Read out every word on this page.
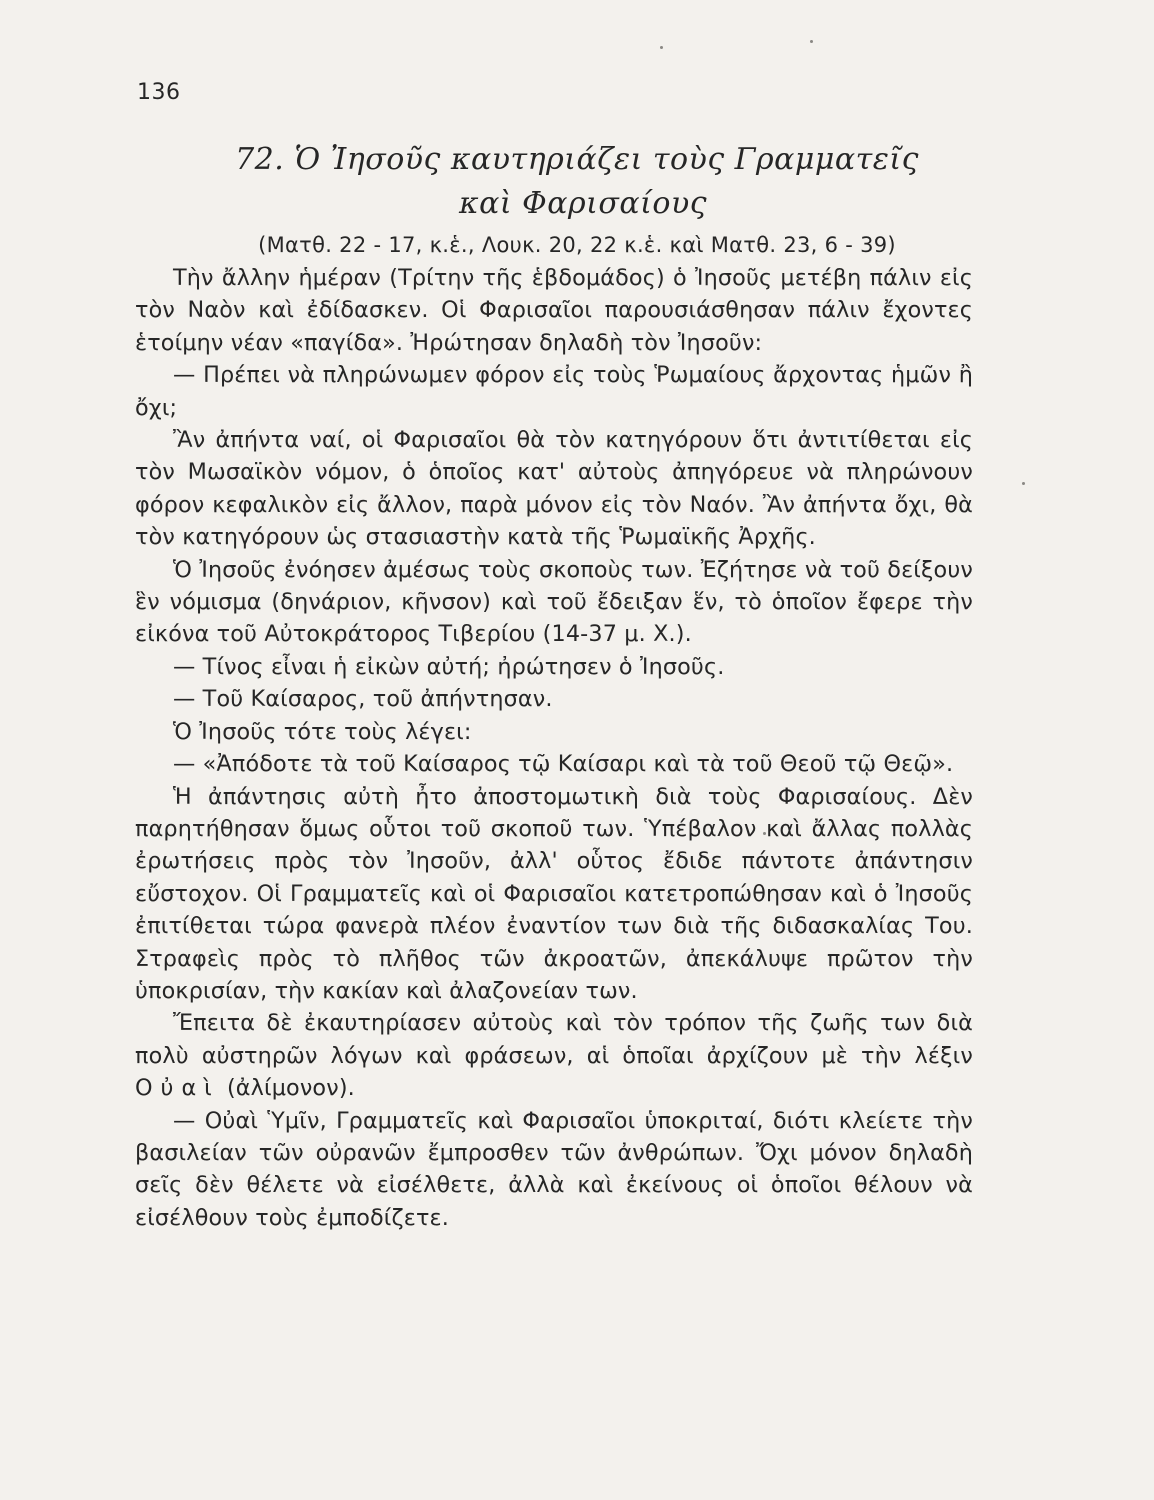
136
72. Ὁ Ἰησοῦς καυτηριάζει τοὺς Γραμματεῖς
καὶ Φαρισαίους
(Ματθ. 22 - 17, κ.ἑ., Λουκ. 20, 22 κ.ἑ. καὶ Ματθ. 23, 6 - 39)

Τὴν ἄλλην ἡμέραν (Τρίτην τῆς ἑβδομάδος) ὁ Ἰησοῦς μετέβη πάλιν εἰς τὸν Ναὸν καὶ ἐδίδασκεν. Οἱ Φαρισαῖοι παρουσιάσθησαν πάλιν ἔχοντες ἑτοίμην νέαν «παγίδα». Ἠρώτησαν δηλαδὴ τὸν Ἰησοῦν:

— Πρέπει νὰ πληρώνωμεν φόρον εἰς τοὺς Ῥωμαίους ἄρχοντας ἡμῶν ἢ ὄχι;

Ἂν ἀπήντα ναί, οἱ Φαρισαῖοι θὰ τὸν κατηγόρουν ὅτι ἀντιτίθεται εἰς τὸν Μωσαϊκὸν νόμον, ὁ ὁποῖος κατ' αὐτοὺς ἀπηγόρευε νὰ πληρώνουν φόρον κεφαλικὸν εἰς ἄλλον, παρὰ μόνον εἰς τὸν Ναόν. Ἂν ἀπήντα ὄχι, θὰ τὸν κατηγόρουν ὡς στασιαστὴν κατὰ τῆς Ῥωμαϊκῆς Ἀρχῆς.

Ὁ Ἰησοῦς ἐνόησεν ἀμέσως τοὺς σκοποὺς των. Ἐζήτησε νὰ τοῦ δείξουν ἓν νόμισμα (δηνάριον, κῆνσον) καὶ τοῦ ἔδειξαν ἕν, τὸ ὁποῖον ἔφερε τὴν εἰκόνα τοῦ Αὐτοκράτορος Τιβερίου (14-37 μ. Χ.).

— Τίνος εἶναι ἡ εἰκὼν αὐτή; ἠρώτησεν ὁ Ἰησοῦς.

— Τοῦ Καίσαρος, τοῦ ἀπήντησαν.

Ὁ Ἰησοῦς τότε τοὺς λέγει:

— «Ἀπόδοτε τὰ τοῦ Καίσαρος τῷ Καίσαρι καὶ τὰ τοῦ Θεοῦ τῷ Θεῷ».

Ἡ ἀπάντησις αὐτὴ ἦτο ἀποστομωτικὴ διὰ τοὺς Φαρισαίους. Δὲν παρητήθησαν ὅμως οὗτοι τοῦ σκοποῦ των. Ὑπέβαλον καὶ ἄλλας πολλὰς ἐρωτήσεις πρὸς τὸν Ἰησοῦν, ἀλλ' οὗτος ἔδιδε πάντοτε ἀπάντησιν εὔστοχον. Οἱ Γραμματεῖς καὶ οἱ Φαρισαῖοι κατετροπώθησαν καὶ ὁ Ἰησοῦς ἐπιτίθεται τώρα φανερὰ πλέον ἐναντίον των διὰ τῆς διδασκαλίας Του. Στραφεὶς πρὸς τὸ πλῆθος τῶν ἀκροατῶν, ἀπεκάλυψε πρῶτον τὴν ὑποκρισίαν, τὴν κακίαν καὶ ἀλαζονείαν των.

Ἔπειτα δὲ ἐκαυτηρίασεν αὐτοὺς καὶ τὸν τρόπον τῆς ζωῆς των διὰ πολὺ αὐστηρῶν λόγων καὶ φράσεων, αἱ ὁποῖαι ἀρχίζουν μὲ τὴν λέξιν Οὐαὶ (ἀλίμονον).

— Οὐαὶ Ὑμῖν, Γραμματεῖς καὶ Φαρισαῖοι ὑποκριταί, διότι κλείετε τὴν βασιλείαν τῶν οὐρανῶν ἔμπροσθεν τῶν ἀνθρώπων. Ὄχι μόνον δηλαδὴ σεῖς δὲν θέλετε νὰ εἰσέλθετε, ἀλλὰ καὶ ἐκείνους οἱ ὁποῖοι θέλουν νὰ εἰσέλθουν τοὺς ἐμποδίζετε.
